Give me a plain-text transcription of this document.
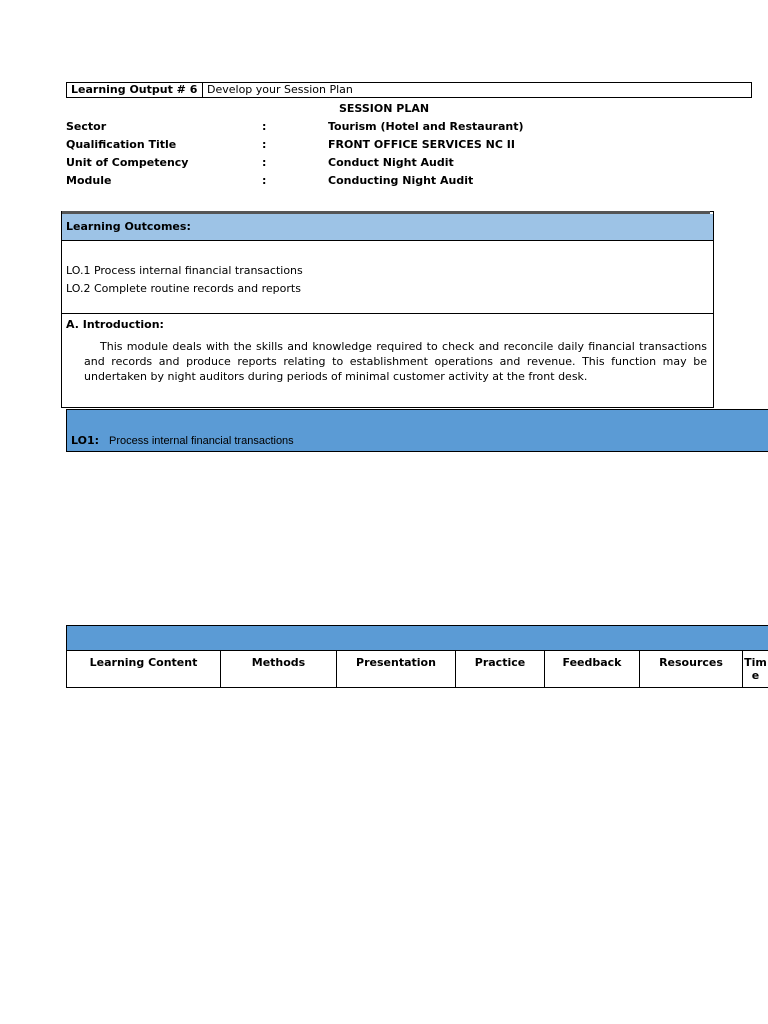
Learning Output # 6 Develop your Session Plan
SESSION PLAN
Sector	:	Tourism (Hotel and Restaurant)
Qualification Title	:	FRONT OFFICE SERVICES NC II
Unit of Competency	:	Conduct Night Audit
Module	:	Conducting Night Audit
Learning Outcomes:
LO.1 Process internal financial transactions
LO.2 Complete routine records and reports
A. Introduction:
This module deals with the skills and knowledge required to check and reconcile daily financial transactions and records and produce reports relating to establishment operations and revenue. This function may be undertaken by night auditors during periods of minimal customer activity at the front desk.
LO1: Process internal financial transactions
Learning Content	Methods	Presentation	Practice	Feedback	Resources	Tim e
